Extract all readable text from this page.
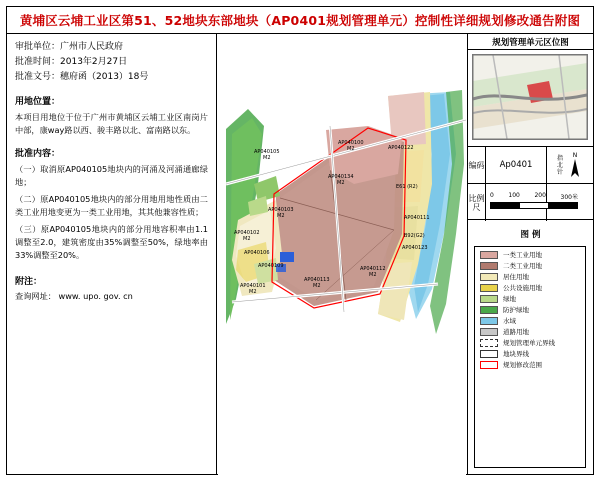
黄埔区云埔工业区第51、52地块东部地块（AP0401规划管理单元）控制性详细规划修改通告附图
审批单位：广州市人民政府
批准时间：2013年2月27日
批准文号：穗府函（2013）18号
用地位置：
本项目用地位于位于广州市黄埔区云埔工业区南岗片中部，康way路以西、骏丰路以北、富南路以东。
批准内容：
（一）取消原AP040105地块内的河涌及河涌通廊绿地；
（二）原AP040105地块内的部分用地用地性质由二类工业用地变更为一类工业用地，其其他兼容性质；
（三）原AP040105地块内的部分用地容积率由1.1调整至2.0，建筑密度由35%调整至50%，绿地率由33%调整至20%。
附注：
查询网址： www. upo. gov. cn
AP040105
M2
AP040103
M2
AP040102
M2
AP040106
AP040109
AP040101
M2
AP040113
M2
AP040134
M2
AP040100
M2
AP040112
M2
AP040122
E61 (R2)
AP040111
B92(G2)
AP040123
规划管理单元区位图
编码	Ap0401
指北针
N
比例尺
0 100 200 300米
图 例
一类工业用地
二类工业用地
居住用地
公共设施用地
绿地
防护绿地
水域
道路用地
规划管理单元界线
地块界线
规划修改范围
